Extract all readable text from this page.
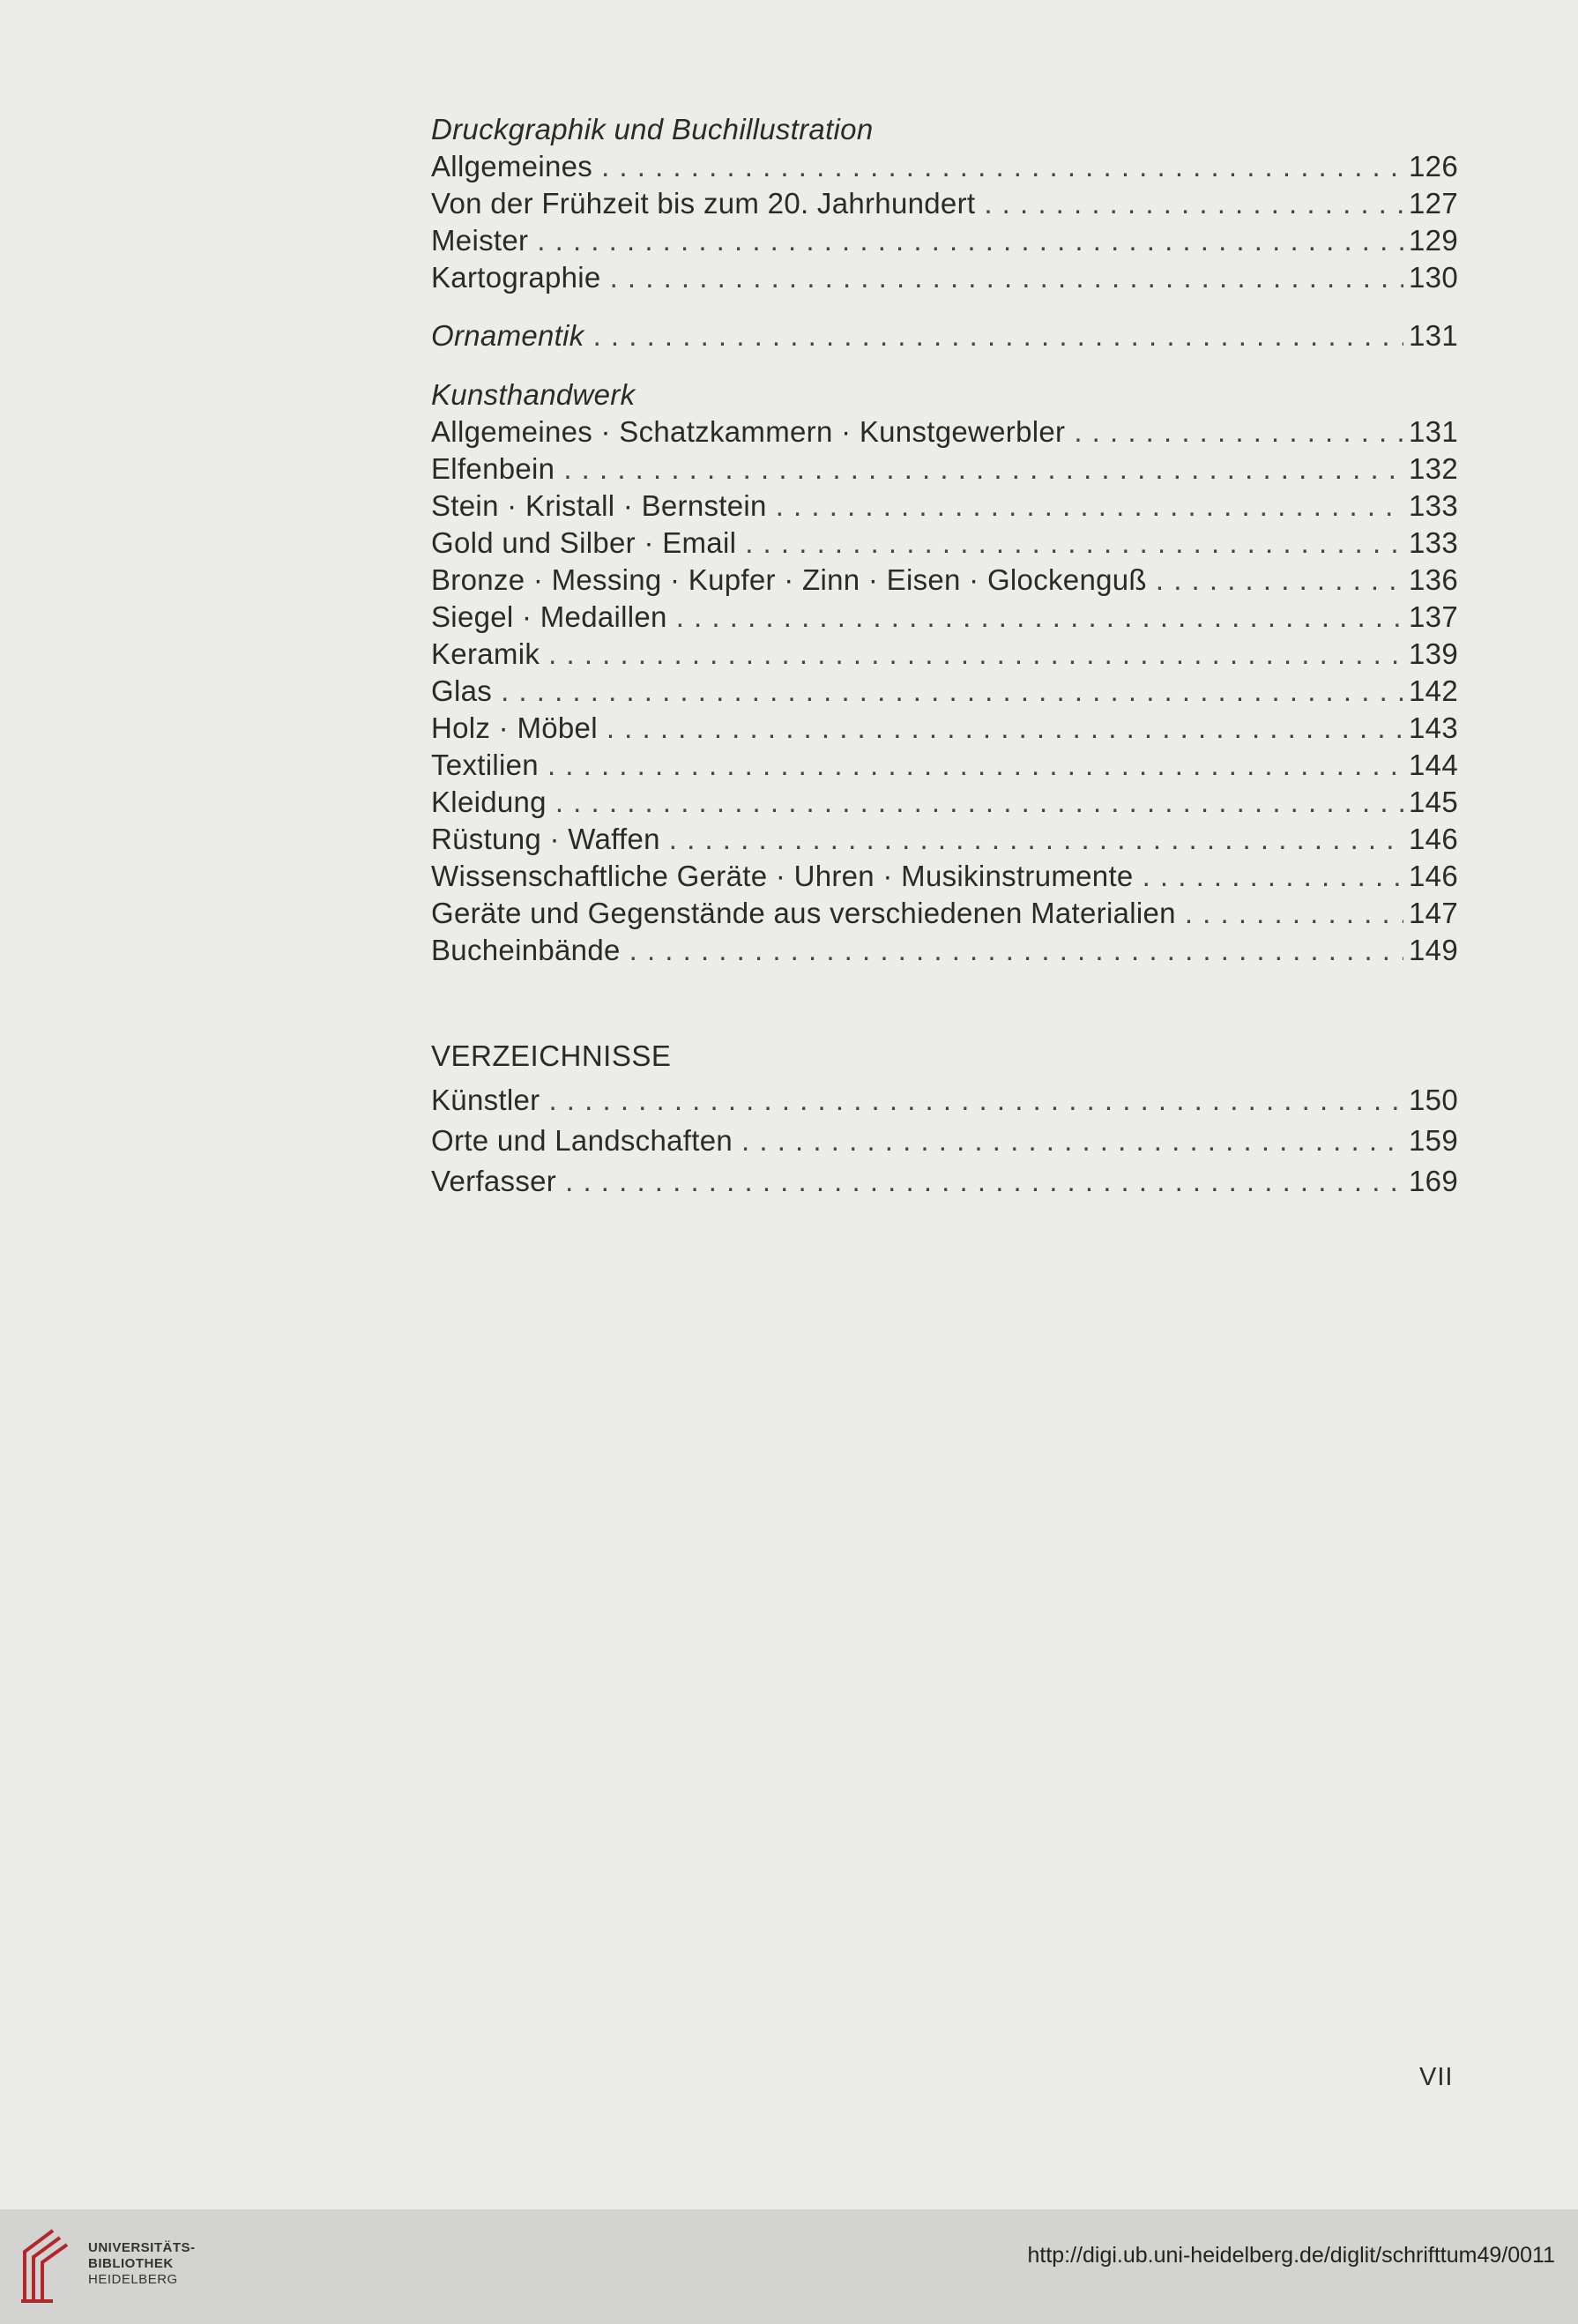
Druckgraphik und Buchillustration
Allgemeines . . .	126
Von der Frühzeit bis zum 20. Jahrhundert . . .	127
Meister . . .	129
Kartographie . . .	130
Ornamentik . . .	131
Kunsthandwerk
Allgemeines · Schatzkammern · Kunstgewerbler . . .	131
Elfenbein . . .	132
Stein · Kristall · Bernstein . . .	133
Gold und Silber · Email . . .	133
Bronze · Messing · Kupfer · Zinn · Eisen · Glockenguß . . .	136
Siegel · Medaillen . . .	137
Keramik . . .	139
Glas . . .	142
Holz · Möbel . . .	143
Textilien . . .	144
Kleidung . . .	145
Rüstung · Waffen . . .	146
Wissenschaftliche Geräte · Uhren · Musikinstrumente . . .	146
Geräte und Gegenstände aus verschiedenen Materialien . . .	147
Bucheinbände . . .	149
VERZEICHNISSE
Künstler . . .	150
Orte und Landschaften . . .	159
Verfasser . . .	169
VII
UNIVERSITÄTS-
BIBLIOTHEK
HEIDELBERG
http://digi.ub.uni-heidelberg.de/diglit/schrifttum49/0011
